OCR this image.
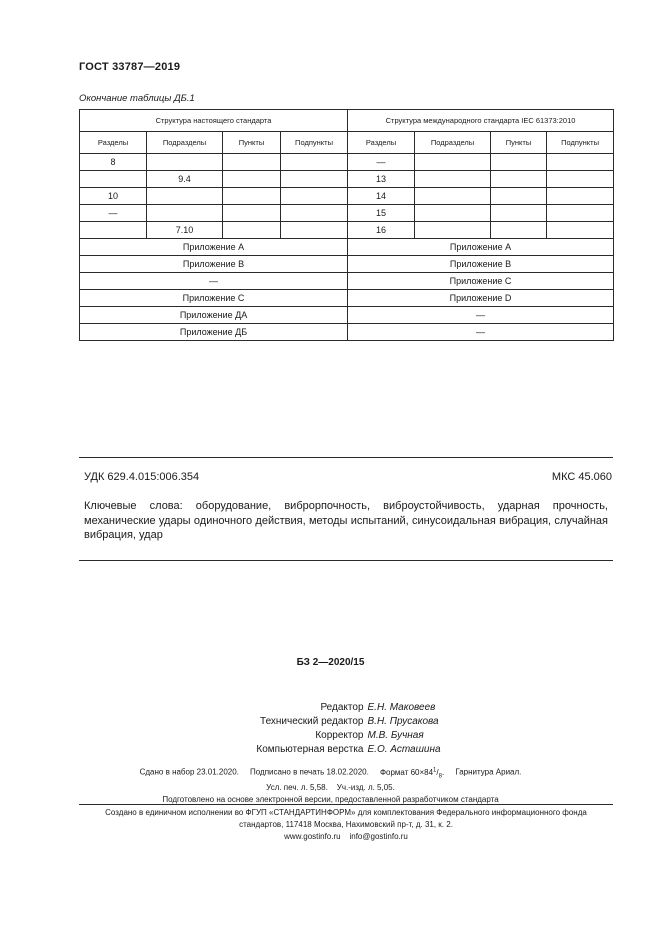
ГОСТ 33787—2019
Окончание таблицы ДБ.1
Структура настоящего стандарта				Структура международного стандарта IEC 61373:2010			
Разделы	Подразделы	Пункты	Подпункты	Разделы	Подразделы	Пункты	Подпункты
8				—			
	9.4			13			
10				14			
—				15			
	7.10			16			
Приложение А				Приложение А			
Приложение В				Приложение В			
—				Приложение С			
Приложение С				Приложение D			
Приложение ДА				—			
Приложение ДБ				—			
УДК 629.4.015:006.354	МКС 45.060
Ключевые слова: оборудование, виброрпочность, виброустойчивость, ударная прочность, механические удары одиночного действия, методы испытаний, синусоидальная вибрация, случайная вибрация, удар
БЗ 2—2020/15
Редактор Е.Н. Маковеев
Технический редактор В.Н. Прусакова
Корректор М.В. Бучная
Компьютерная верстка Е.О. Асташина
Сдано в набор 23.01.2020. Подписано в печать 18.02.2020. Формат $60\times 84^1/_8$. Гарнитура Ариал.
Усл. печ. л. 5,58. Уч.-изд. л. 5,05.
Подготовлено на основе электронной версии, предоставленной разработчиком стандарта
Создано в единичном исполнении во ФГУП «СТАНДАРТИНФОРМ» для комплектования Федерального информационного фонда
стандартов, 117418 Москва, Нахимовский пр-т, д. 31, к. 2.
www.gostinfo.ru info@gostinfo.ru
